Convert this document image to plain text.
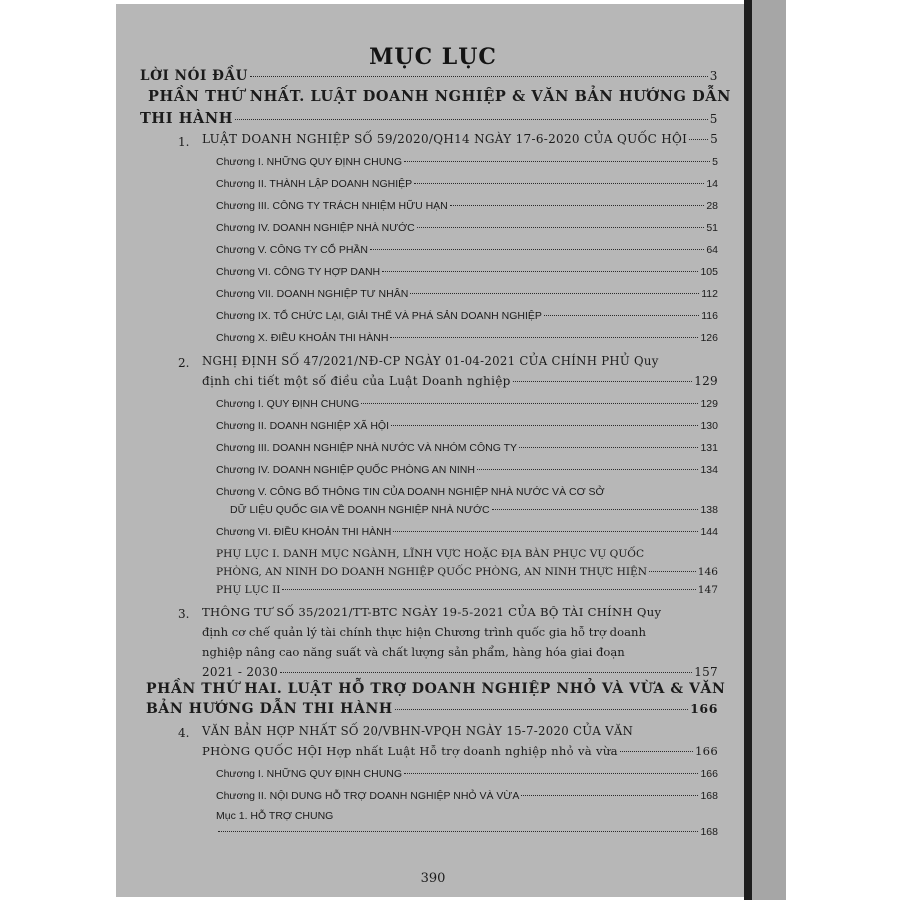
MỤC LỤC
LỜI NÓI ĐẦU	3
PHẦN THỨ NHẤT. LUẬT DOANH NGHIỆP & VĂN BẢN HƯỚNG DẪN
THI HÀNH	5
1. LUẬT DOANH NGHIỆP SỐ 59/2020/QH14 NGÀY 17-6-2020 CỦA QUỐC HỘI 5
Chương I. NHỮNG QUY ĐỊNH CHUNG	5
Chương II. THÀNH LẬP DOANH NGHIỆP	14
Chương III. CÔNG TY TRÁCH NHIỆM HỮU HẠN	28
Chương IV. DOANH NGHIỆP NHÀ NƯỚC	51
Chương V. CÔNG TY CỔ PHẦN	64
Chương VI. CÔNG TY HỢP DANH	105
Chương VII. DOANH NGHIỆP TƯ NHÂN	112
Chương IX. TỔ CHỨC LẠI, GIẢI THỂ VÀ PHÁ SẢN DOANH NGHIỆP	116
Chương X. ĐIỀU KHOẢN THI HÀNH	126
2. NGHỊ ĐỊNH SỐ 47/2021/NĐ-CP NGÀY 01-04-2021 CỦA CHÍNH PHỦ Quy
định chi tiết một số điều của Luật Doanh nghiệp	129
Chương I. QUY ĐỊNH CHUNG	129
Chương II. DOANH NGHIỆP XÃ HỘI	130
Chương III. DOANH NGHIỆP NHÀ NƯỚC VÀ NHÓM CÔNG TY	131
Chương IV. DOANH NGHIỆP QUỐC PHÒNG AN NINH	134
Chương V. CÔNG BỐ THÔNG TIN CỦA DOANH NGHIỆP NHÀ NƯỚC VÀ CƠ SỞ
DỮ LIỆU QUỐC GIA VỀ DOANH NGHIỆP NHÀ NƯỚC	138
Chương VI. ĐIỀU KHOẢN THI HÀNH	144
PHỤ LỤC I. DANH MỤC NGÀNH, LĨNH VỰC HOẶC ĐỊA BÀN PHỤC VỤ QUỐC
PHÒNG, AN NINH DO DOANH NGHIỆP QUỐC PHÒNG, AN NINH THỰC HIỆN	146
PHỤ LỤC II	147
3. THÔNG TƯ SỐ 35/2021/TT-BTC NGÀY 19-5-2021 CỦA BỘ TÀI CHÍNH Quy
định cơ chế quản lý tài chính thực hiện Chương trình quốc gia hỗ trợ doanh
nghiệp nâng cao năng suất và chất lượng sản phẩm, hàng hóa giai đoạn
2021 - 2030	157
PHẦN THỨ HAI. LUẬT HỖ TRỢ DOANH NGHIỆP NHỎ VÀ VỪA & VĂN
BẢN HƯỚNG DẪN THI HÀNH	166
4. VĂN BẢN HỢP NHẤT SỐ 20/VBHN-VPQH NGÀY 15-7-2020 CỦA VĂN
PHÒNG QUỐC HỘI Hợp nhất Luật Hỗ trợ doanh nghiệp nhỏ và vừa	166
Chương I. NHỮNG QUY ĐỊNH CHUNG	166
Chương II. NỘI DUNG HỖ TRỢ DOANH NGHIỆP NHỎ VÀ VỪA	168
Mục 1. HỖ TRỢ CHUNG
168
390
